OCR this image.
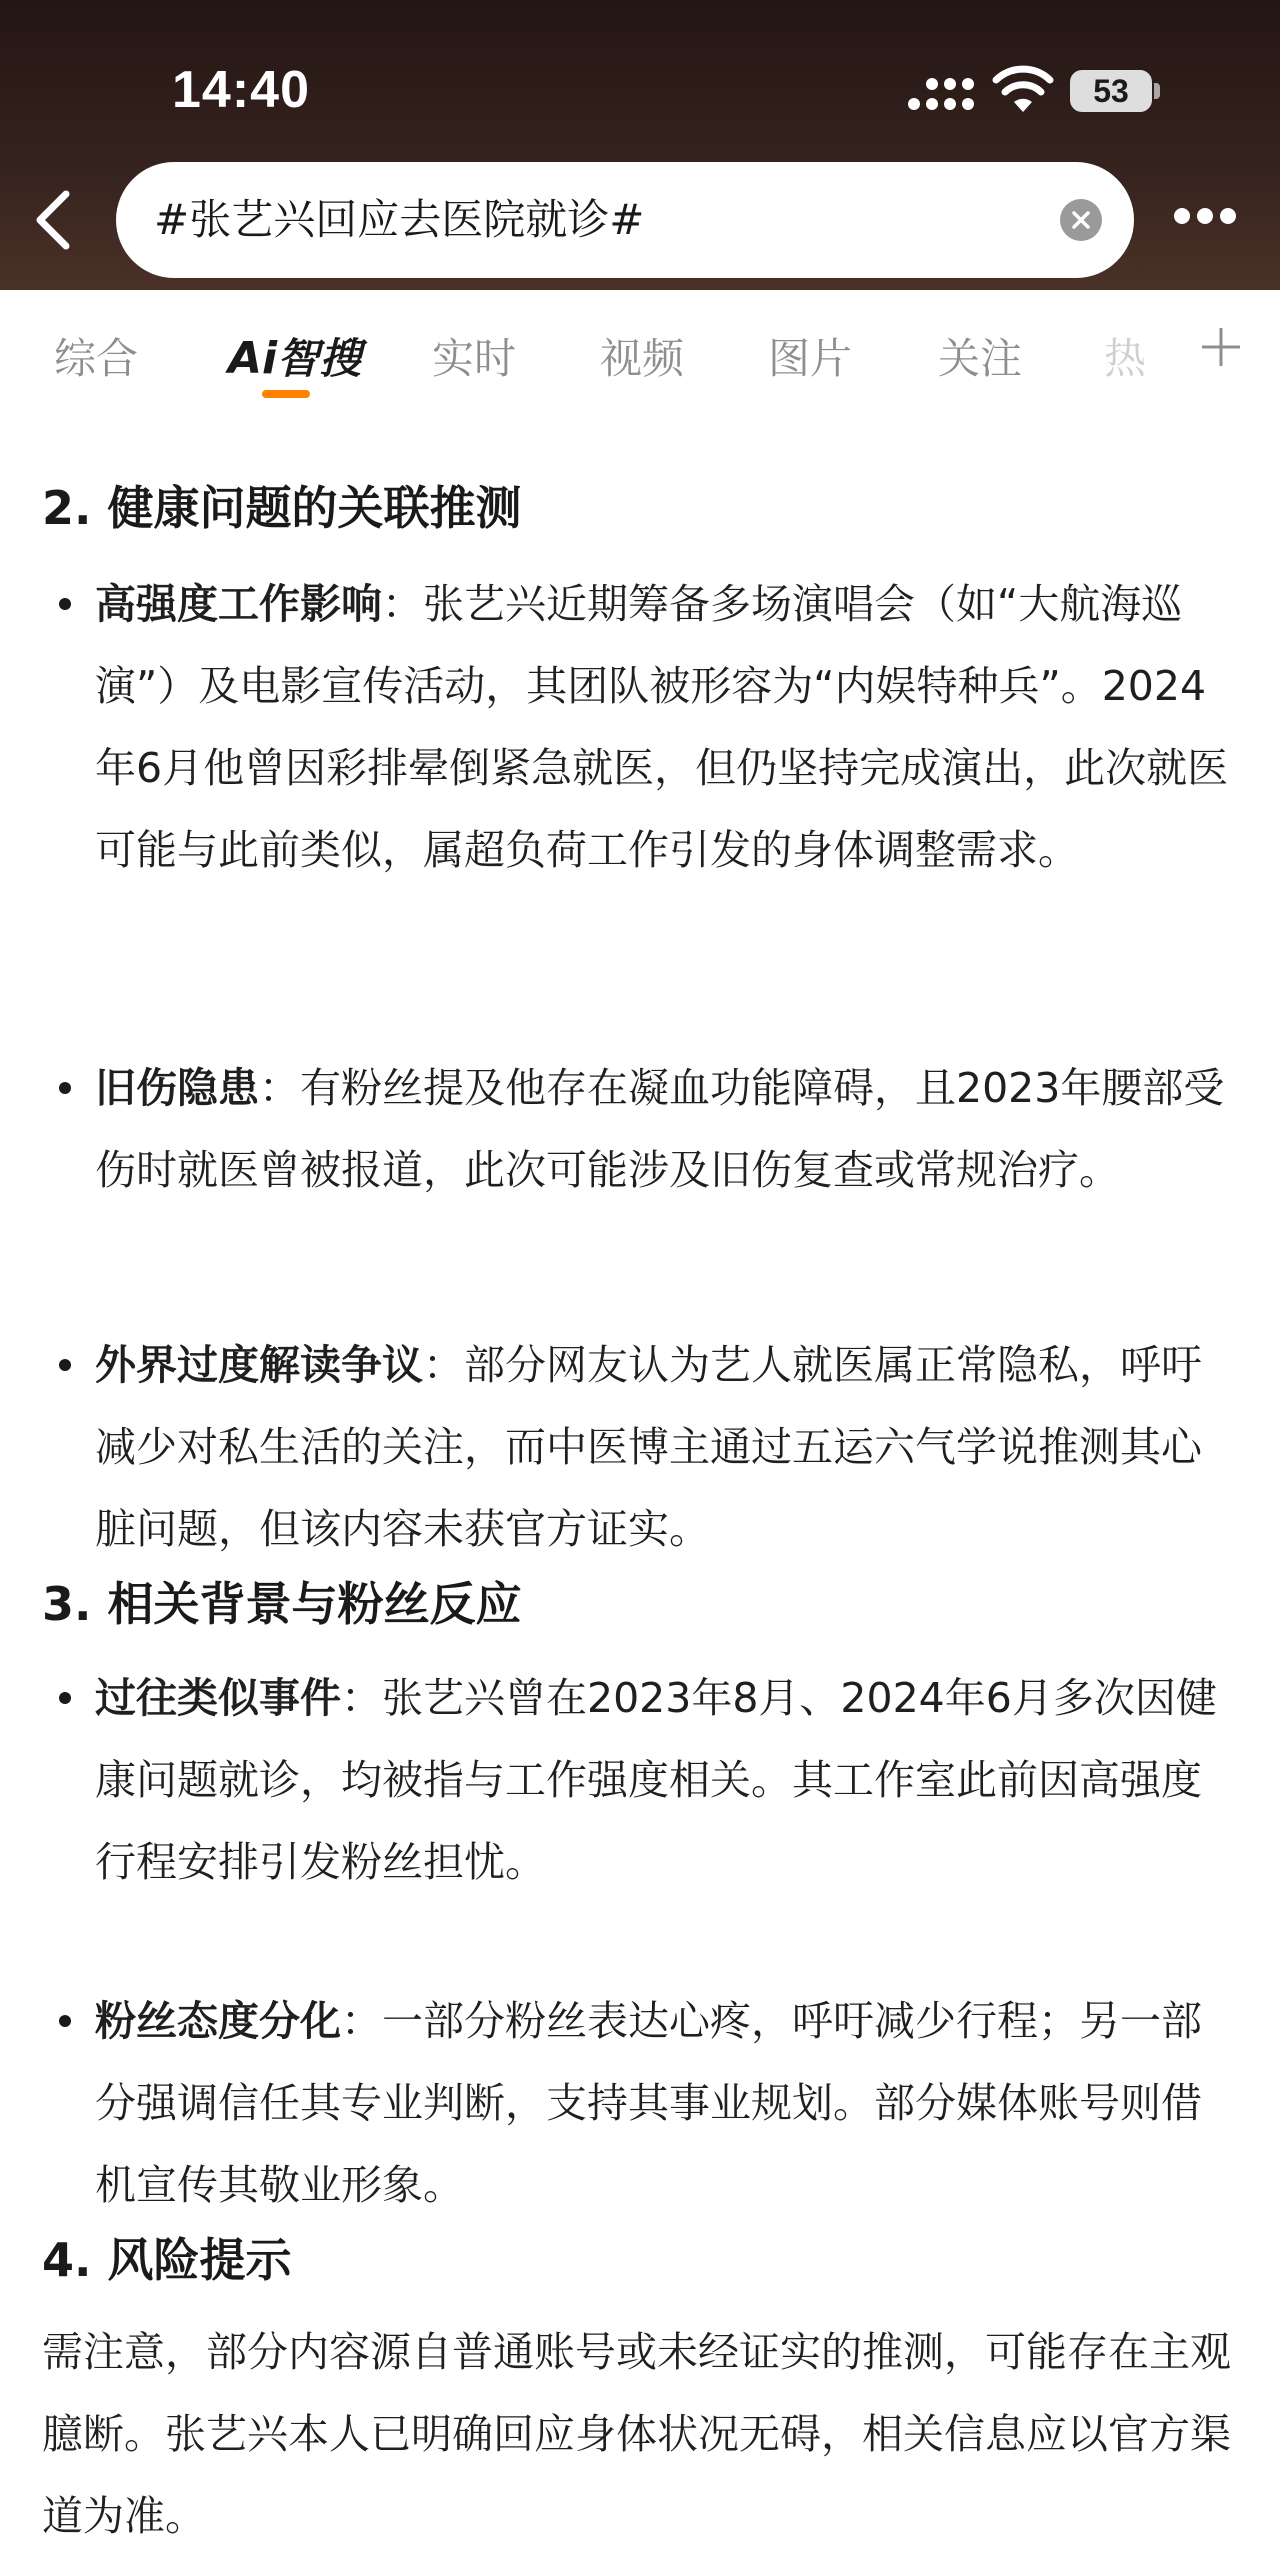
14:40	53
#张艺兴回应去医院就诊#
综合 Ai智搜 实时 视频 图片 关注 热
2. 健康问题的关联推测
高强度工作影响：张艺兴近期筹备多场演唱会（如“大航海巡演”）及电影宣传活动，其团队被形容为“内娱特种兵”。2024年6月他曾因彩排晕倒紧急就医，但仍坚持完成演出，此次就医可能与此前类似，属超负荷工作引发的身体调整需求。
旧伤隐患：有粉丝提及他存在凝血功能障碍，且2023年腰部受伤时就医曾被报道，此次可能涉及旧伤复查或常规治疗。
外界过度解读争议：部分网友认为艺人就医属正常隐私，呼吁减少对私生活的关注，而中医博主通过五运六气学说推测其心脏问题，但该内容未获官方证实。
3. 相关背景与粉丝反应
过往类似事件：张艺兴曾在2023年8月、2024年6月多次因健康问题就诊，均被指与工作强度相关。其工作室此前因高强度行程安排引发粉丝担忧。
粉丝态度分化：一部分粉丝表达心疼，呼吁减少行程；另一部分强调信任其专业判断，支持其事业规划。部分媒体账号则借机宣传其敬业形象。
4. 风险提示
需注意，部分内容源自普通账号或未经证实的推测，可能存在主观臆断。张艺兴本人已明确回应身体状况无碍，相关信息应以官方渠道为准。
